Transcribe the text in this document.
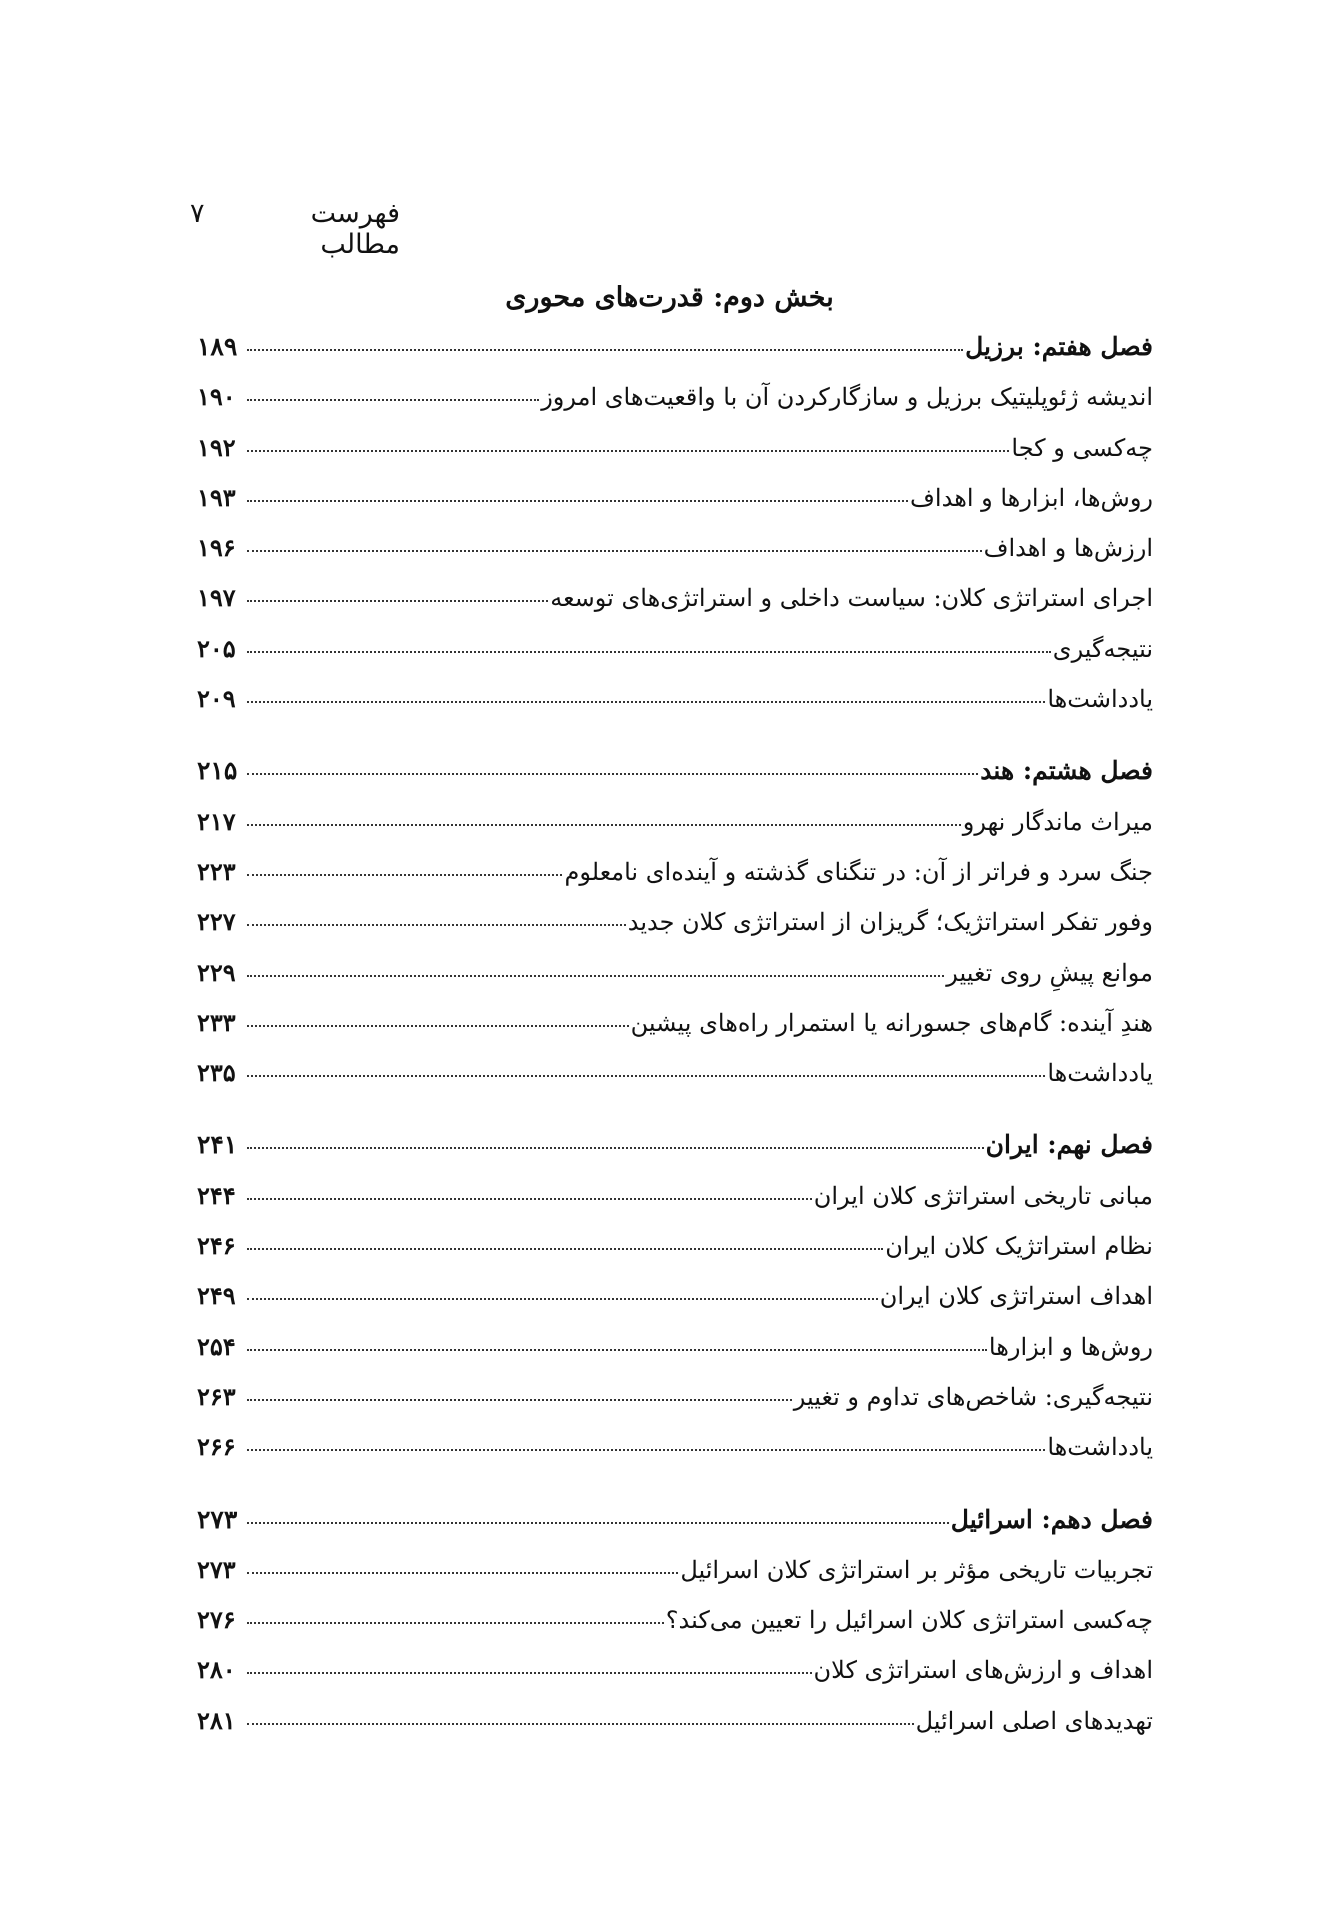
فهرست مطالب
۷
بخش دوم: قدرت‌های محوری
فصل هفتم: برزیل
۱۸۹
اندیشه ژئوپلیتیک برزیل و سازگارکردن آن با واقعیت‌های امروز
۱۹۰
چه‌کسی و کجا
۱۹۲
روش‌ها، ابزارها و اهداف
۱۹۳
ارزش‌ها و اهداف
۱۹۶
اجرای استراتژی کلان: سیاست داخلی و استراتژی‌های توسعه
۱۹۷
نتیجه‌گیری
۲۰۵
یادداشت‌ها
۲۰۹
فصل هشتم: هند
۲۱۵
میراث ماندگار نهرو
۲۱۷
جنگ سرد و فراتر از آن: در تنگنای گذشته و آینده‌ای نامعلوم
۲۲۳
وفور تفکر استراتژیک؛ گریزان از استراتژی کلان جدید
۲۲۷
موانع پیشِ روی تغییر
۲۲۹
هندِ آینده: گام‌های جسورانه یا استمرار راه‌های پیشین
۲۳۳
یادداشت‌ها
۲۳۵
فصل نهم: ایران
۲۴۱
مبانی تاریخی استراتژی کلان ایران
۲۴۴
نظام استراتژیک کلان ایران
۲۴۶
اهداف استراتژی کلان ایران
۲۴۹
روش‌ها و ابزارها
۲۵۴
نتیجه‌گیری: شاخص‌های تداوم و تغییر
۲۶۳
یادداشت‌ها
۲۶۶
فصل دهم: اسرائیل
۲۷۳
تجربیات تاریخی مؤثر بر استراتژی کلان اسرائیل
۲۷۳
چه‌کسی استراتژی کلان اسرائیل را تعیین می‌کند؟
۲۷۶
اهداف و ارزش‌های استراتژی کلان
۲۸۰
تهدیدهای اصلی اسرائیل
۲۸۱
